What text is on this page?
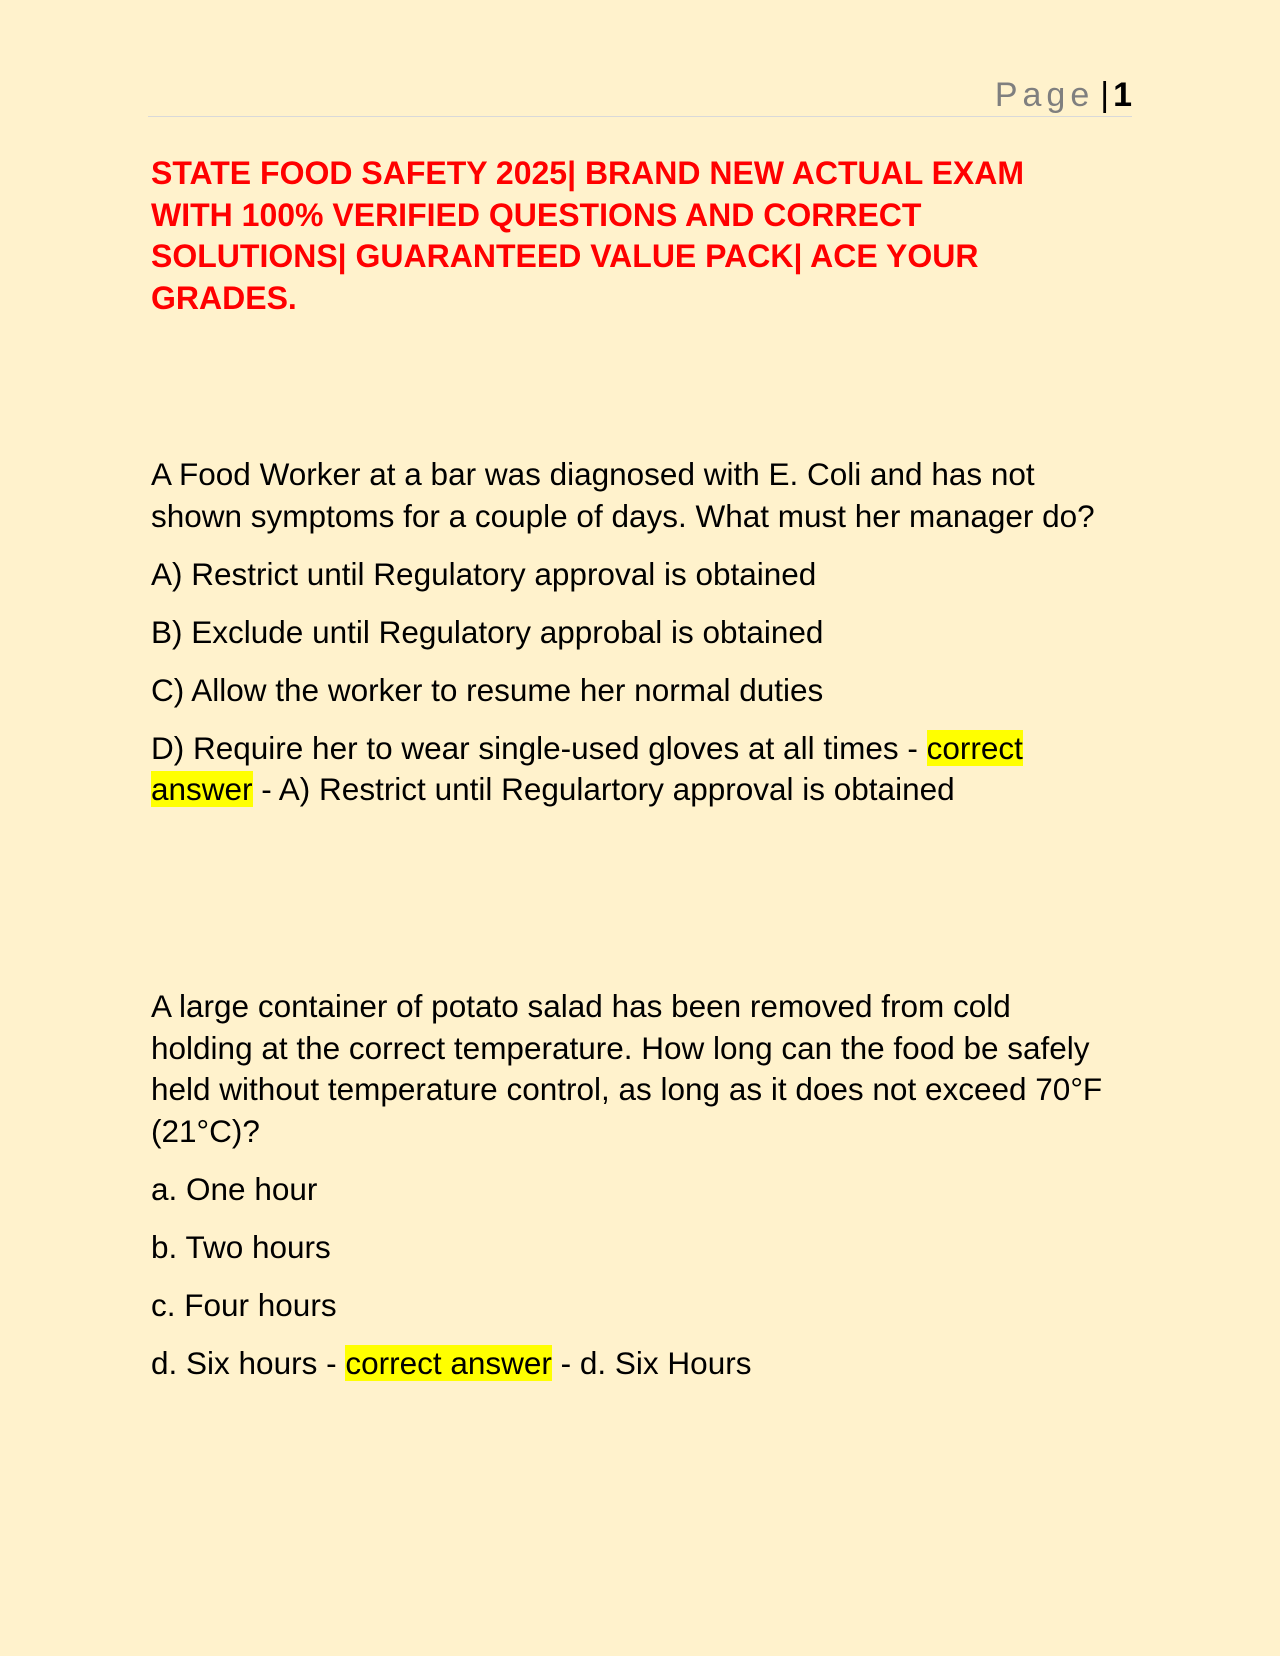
Page | 1
STATE FOOD SAFETY 2025| BRAND NEW ACTUAL EXAM WITH 100% VERIFIED QUESTIONS AND CORRECT SOLUTIONS| GUARANTEED VALUE PACK| ACE YOUR GRADES.

A Food Worker at a bar was diagnosed with E. Coli and has not shown symptoms for a couple of days. What must her manager do?

A) Restrict until Regulatory approval is obtained
B) Exclude until Regulatory approbal is obtained
C) Allow the worker to resume her normal duties
D) Require her to wear single-used gloves at all times - correct answer - A) Restrict until Regulartory approval is obtained

A large container of potato salad has been removed from cold holding at the correct temperature. How long can the food be safely held without temperature control, as long as it does not exceed 70°F (21°C)?

a. One hour
b. Two hours
c. Four hours
d. Six hours - correct answer - d. Six Hours
